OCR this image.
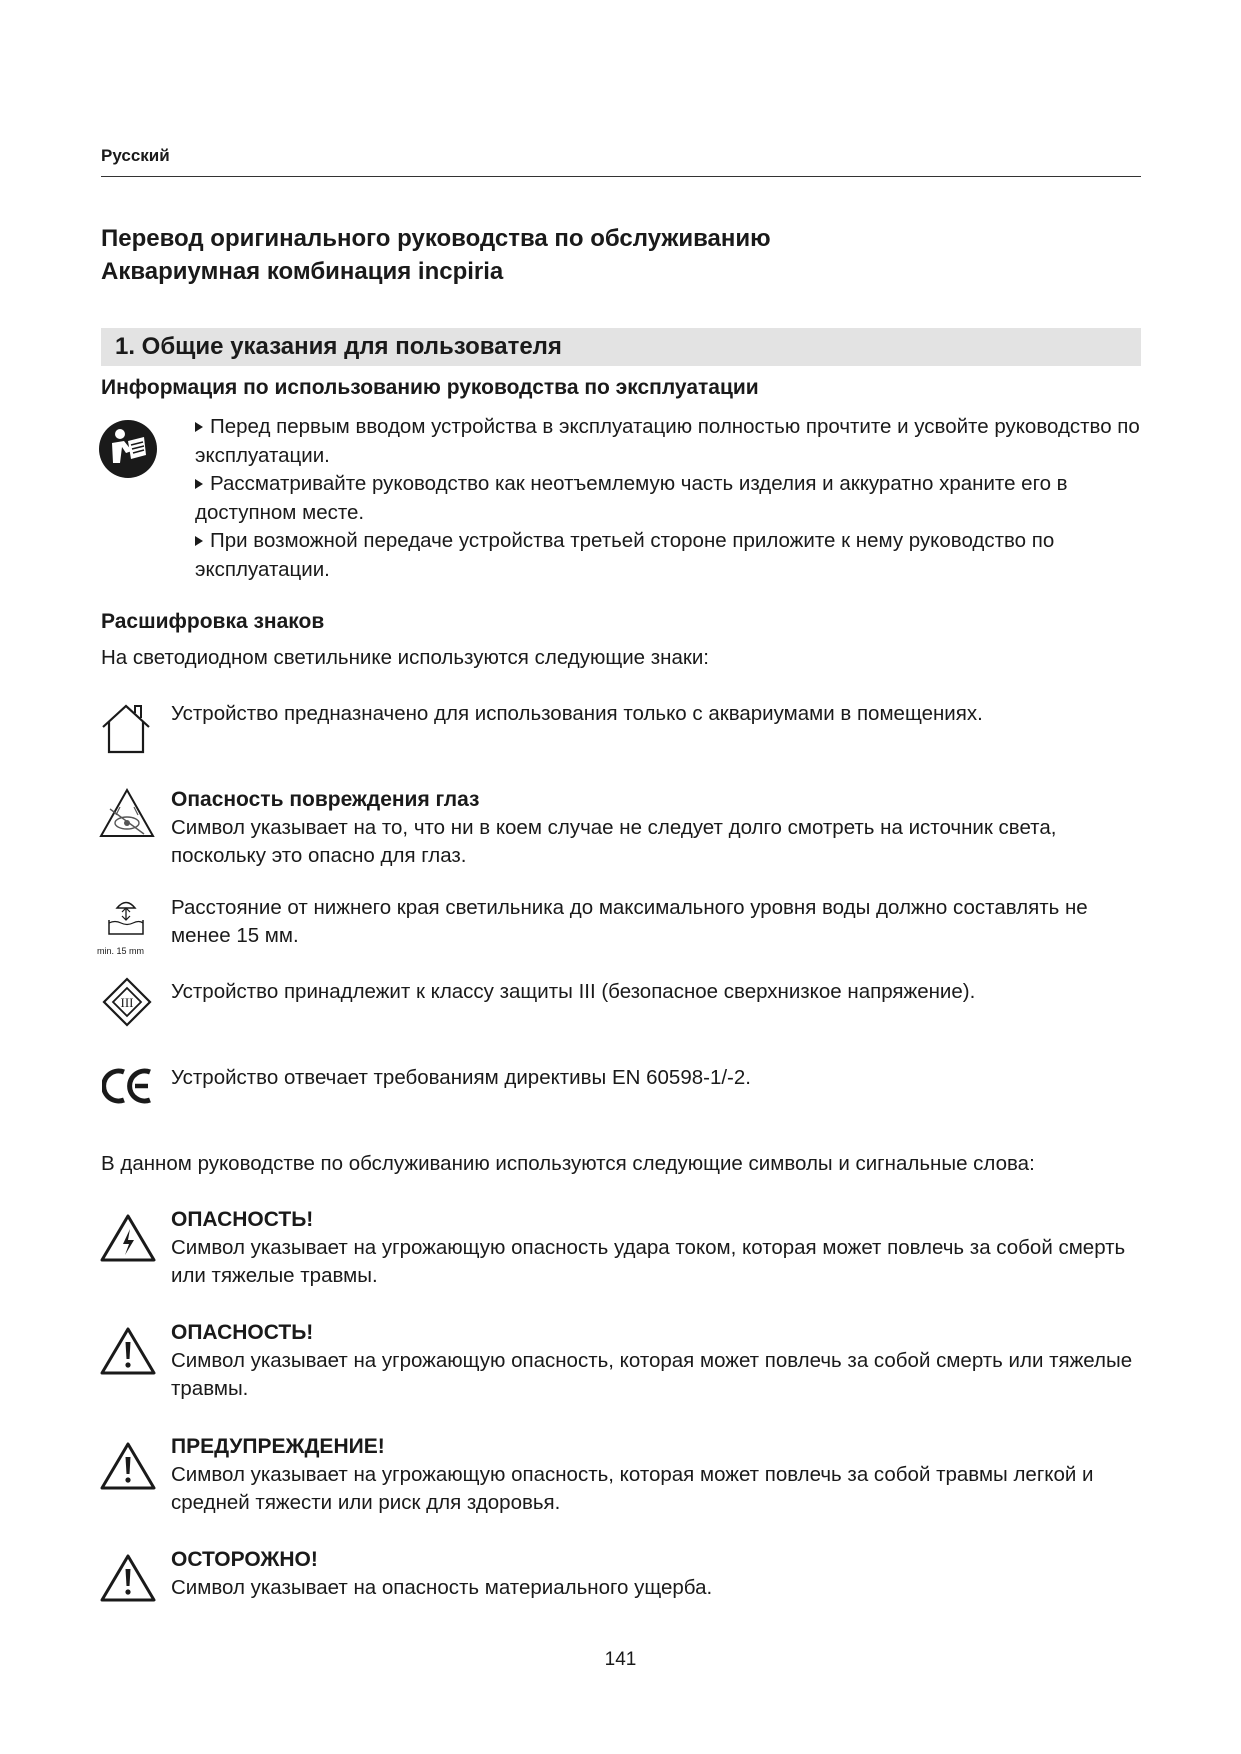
Русский
Перевод оригинального руководства по обслуживанию
Аквариумная комбинация incpiria
1. Общие указания для пользователя
Информация по использованию руководства по эксплуатации
Перед первым вводом устройства в эксплуатацию полностью прочтите и усвойте руководство по эксплуатации.
Рассматривайте руководство как неотъемлемую часть изделия и аккуратно храните его в доступном месте.
При возможной передаче устройства третьей стороне приложите к нему руководство по эксплуатации.
Расшифровка знаков
На светодиодном светильнике используются следующие знаки:
Устройство предназначено для использования только с аквариумами в помещениях.
Опасность повреждения глаз
Символ указывает на то, что ни в коем случае не следует долго смотреть на источник света, поскольку это опасно для глаз.
min. 15 mm
Расстояние от нижнего края светильника до максимального уровня воды должно составлять не менее 15 мм.
III Устройство принадлежит к классу защиты III (безопасное сверхнизкое напряжение).
Устройство отвечает требованиям директивы EN 60598-1/-2.
В данном руководстве по обслуживанию используются следующие символы и сигнальные слова:
ОПАСНОСТЬ!
Символ указывает на угрожающую опасность удара током, которая может повлечь за собой смерть или тяжелые травмы.
ОПАСНОСТЬ!
Символ указывает на угрожающую опасность, которая может повлечь за собой смерть или тяжелые травмы.
ПРЕДУПРЕЖДЕНИЕ!
Символ указывает на угрожающую опасность, которая может повлечь за собой травмы легкой и средней тяжести или риск для здоровья.
ОСТОРОЖНО!
Символ указывает на опасность материального ущерба.
141
